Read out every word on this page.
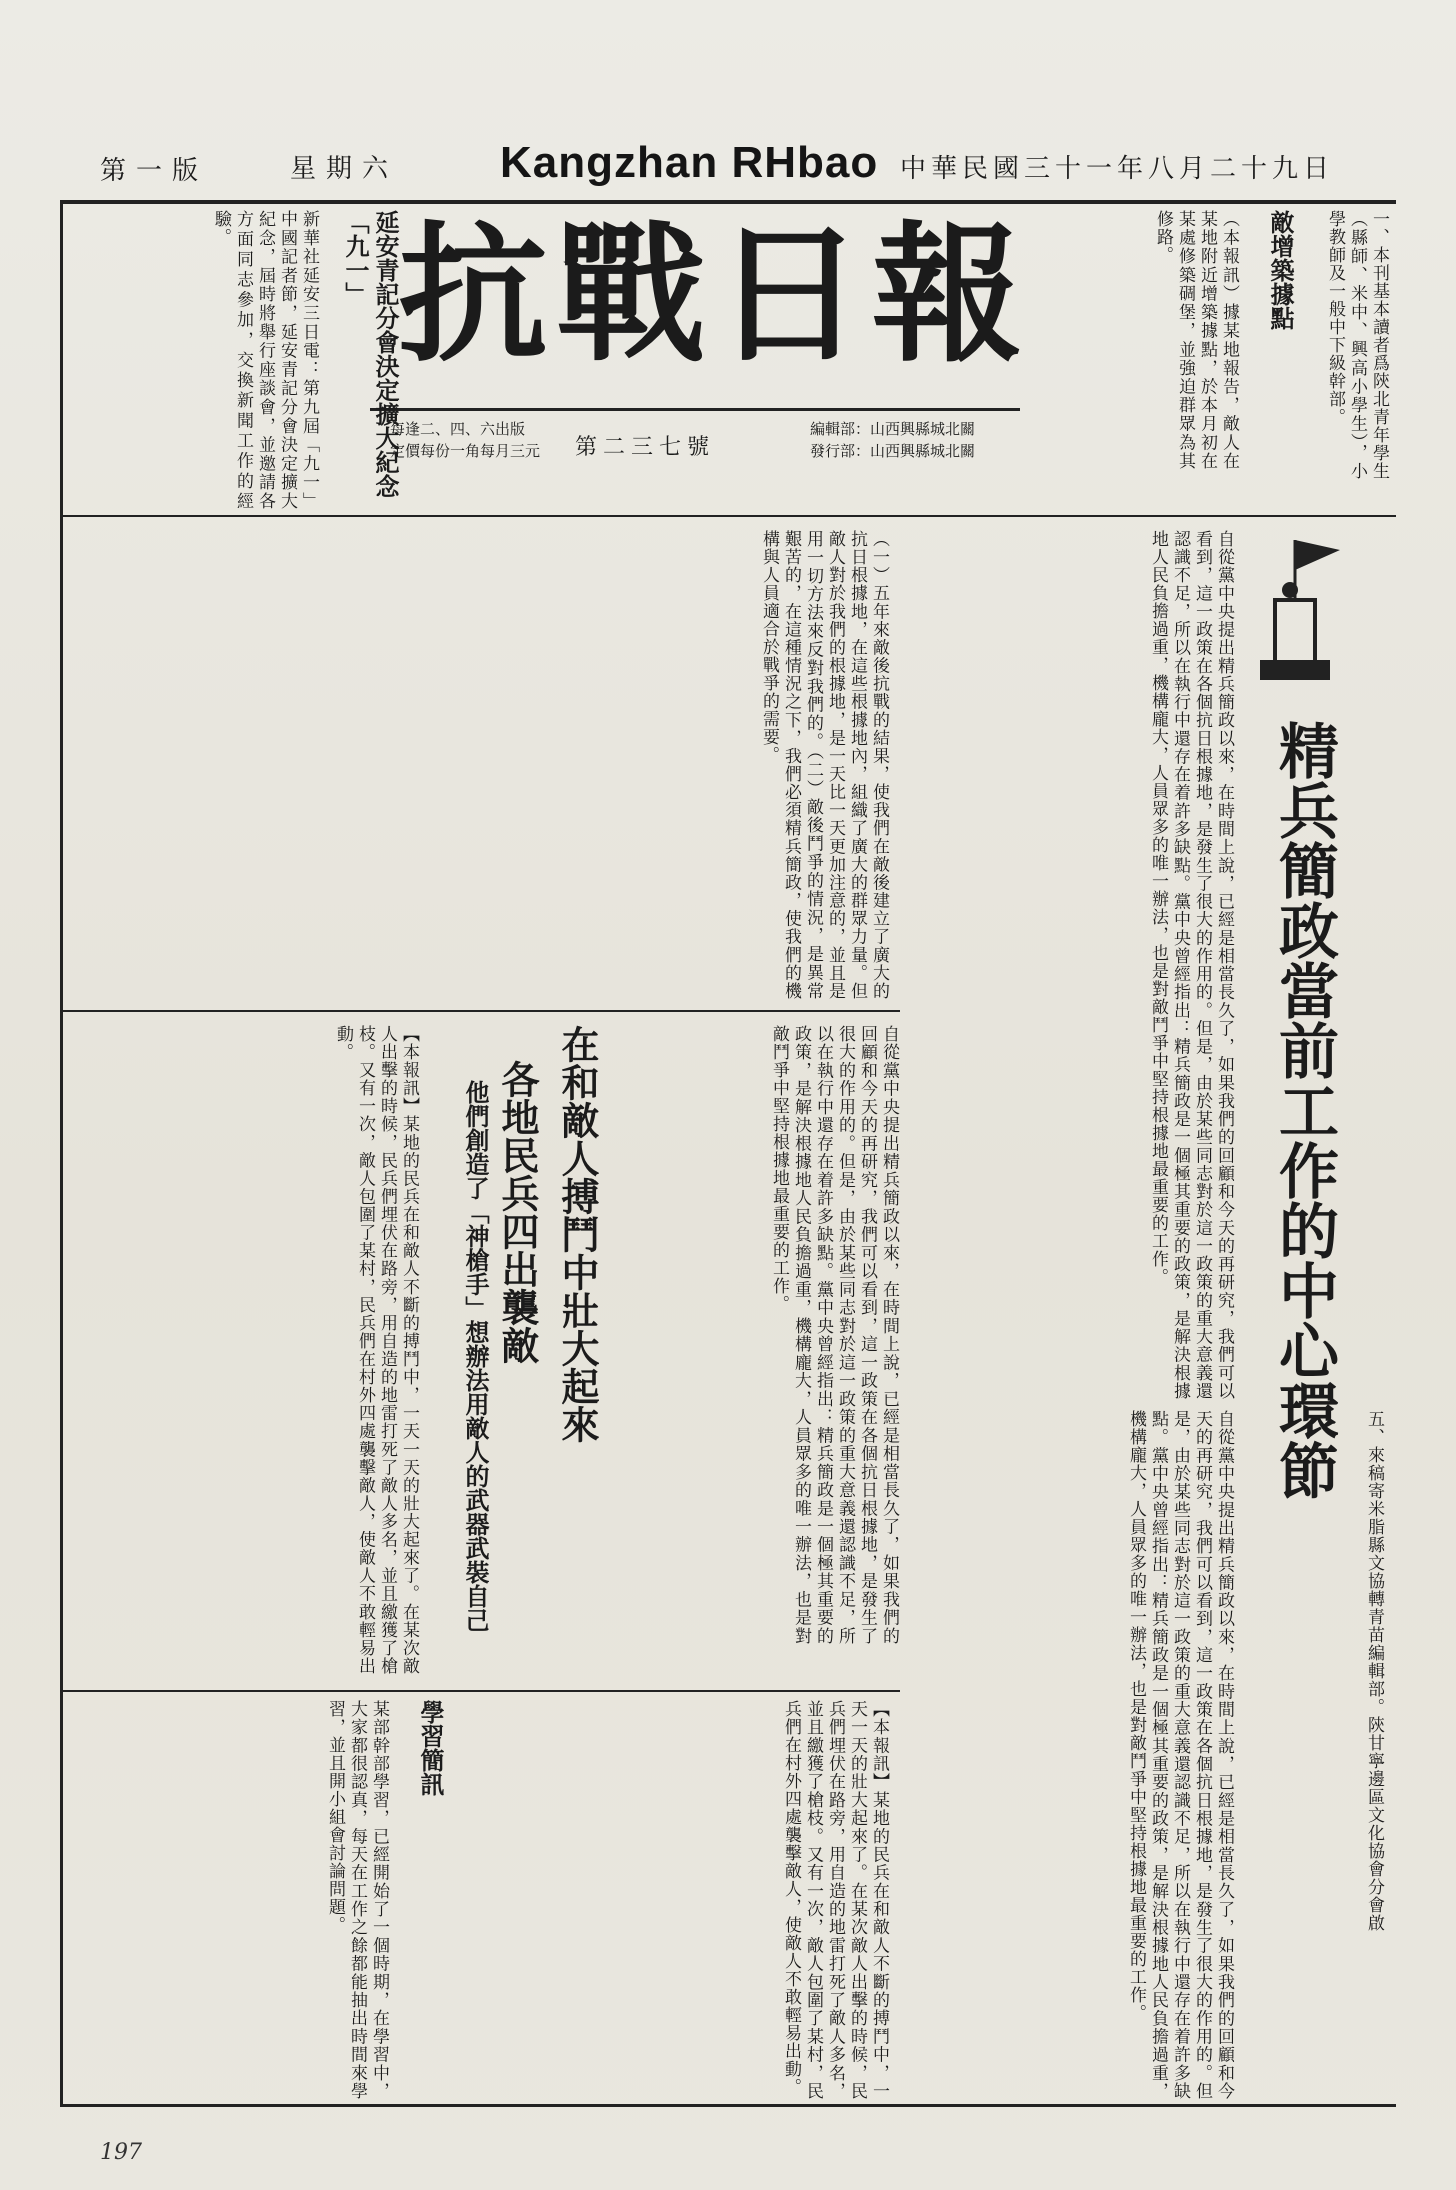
第一版	星期六 Kangzhan RHbao 中華民國三十一年八月二十九日
抗戰日報
第二三七號
編輯部：山西興縣城北關
發行部：山西興縣城北關
每逢二、四、六出版
定價每份一角每月三元	一、本刊基本讀者爲陝北青年學生（縣師、米中、興高小學生），小學教師及一般中下級幹部。
敵增築據點
（本報訊）據某地報告，敵人在某地附近增築據點，於本月初在某處修築碉堡，並強迫群眾為其修路。
延安青記分會決定擴大紀念「九一」
新華社延安三日電：第九屆「九一」中國記者節，延安青記分會決定擴大紀念，屆時將舉行座談會，並邀請各方面同志參加，交換新聞工作的經驗。
精兵簡政當前工作的中心環節
自從黨中央提出精兵簡政以來，在時間上說，已經是相當長久了，如果我們的回顧和今天的再研究，我們可以看到，這一政策在各個抗日根據地，是發生了很大的作用的。但是，由於某些同志對於這一政策的重大意義還認識不足，所以在執行中還存在着許多缺點。黨中央曾經指出：精兵簡政是一個極其重要的政策，是解決根據地人民負擔過重，機構龐大，人員眾多的唯一辦法，也是對敵鬥爭中堅持根據地最重要的工作。
（一）五年來敵後抗戰的結果，使我們在敵後建立了廣大的抗日根據地，在這些根據地內，組織了廣大的群眾力量。但敵人對於我們的根據地，是一天比一天更加注意的，並且是用一切方法來反對我們的。（二）敵後鬥爭的情況，是異常艱苦的，在這種情況之下，我們必須精兵簡政，使我們的機構與人員適合於戰爭的需要。
在和敵人搏鬥中壯大起來
各地民兵四出襲敵
他們創造了「神槍手」想辦法用敵人的武器武裝自己
【本報訊】某地的民兵在和敵人不斷的搏鬥中，一天一天的壯大起來了。在某次敵人出擊的時候，民兵們埋伏在路旁，用自造的地雷打死了敵人多名，並且繳獲了槍枝。又有一次，敵人包圍了某村，民兵們在村外四處襲擊敵人，使敵人不敢輕易出動。	自從黨中央提出精兵簡政以來，在時間上說，已經是相當長久了，如果我們的回顧和今天的再研究，我們可以看到，這一政策在各個抗日根據地，是發生了很大的作用的。但是，由於某些同志對於這一政策的重大意義還認識不足，所以在執行中還存在着許多缺點。黨中央曾經指出：精兵簡政是一個極其重要的政策，是解決根據地人民負擔過重，機構龐大，人員眾多的唯一辦法，也是對敵鬥爭中堅持根據地最重要的工作。
學習簡訊
某部幹部學習，已經開始了一個時期，在學習中，大家都很認真，每天在工作之餘都能抽出時間來學習，並且開小組會討論問題。	【本報訊】某地的民兵在和敵人不斷的搏鬥中，一天一天的壯大起來了。在某次敵人出擊的時候，民兵們埋伏在路旁，用自造的地雷打死了敵人多名，並且繳獲了槍枝。又有一次，敵人包圍了某村，民兵們在村外四處襲擊敵人，使敵人不敢輕易出動。	自從黨中央提出精兵簡政以來，在時間上說，已經是相當長久了，如果我們的回顧和今天的再研究，我們可以看到，這一政策在各個抗日根據地，是發生了很大的作用的。但是，由於某些同志對於這一政策的重大意義還認識不足，所以在執行中還存在着許多缺點。黨中央曾經指出：精兵簡政是一個極其重要的政策，是解決根據地人民負擔過重，機構龐大，人員眾多的唯一辦法，也是對敵鬥爭中堅持根據地最重要的工作。	五、來稿寄米脂縣文協轉青苗編輯部。陝甘寧邊區文化協會分會啟
197
